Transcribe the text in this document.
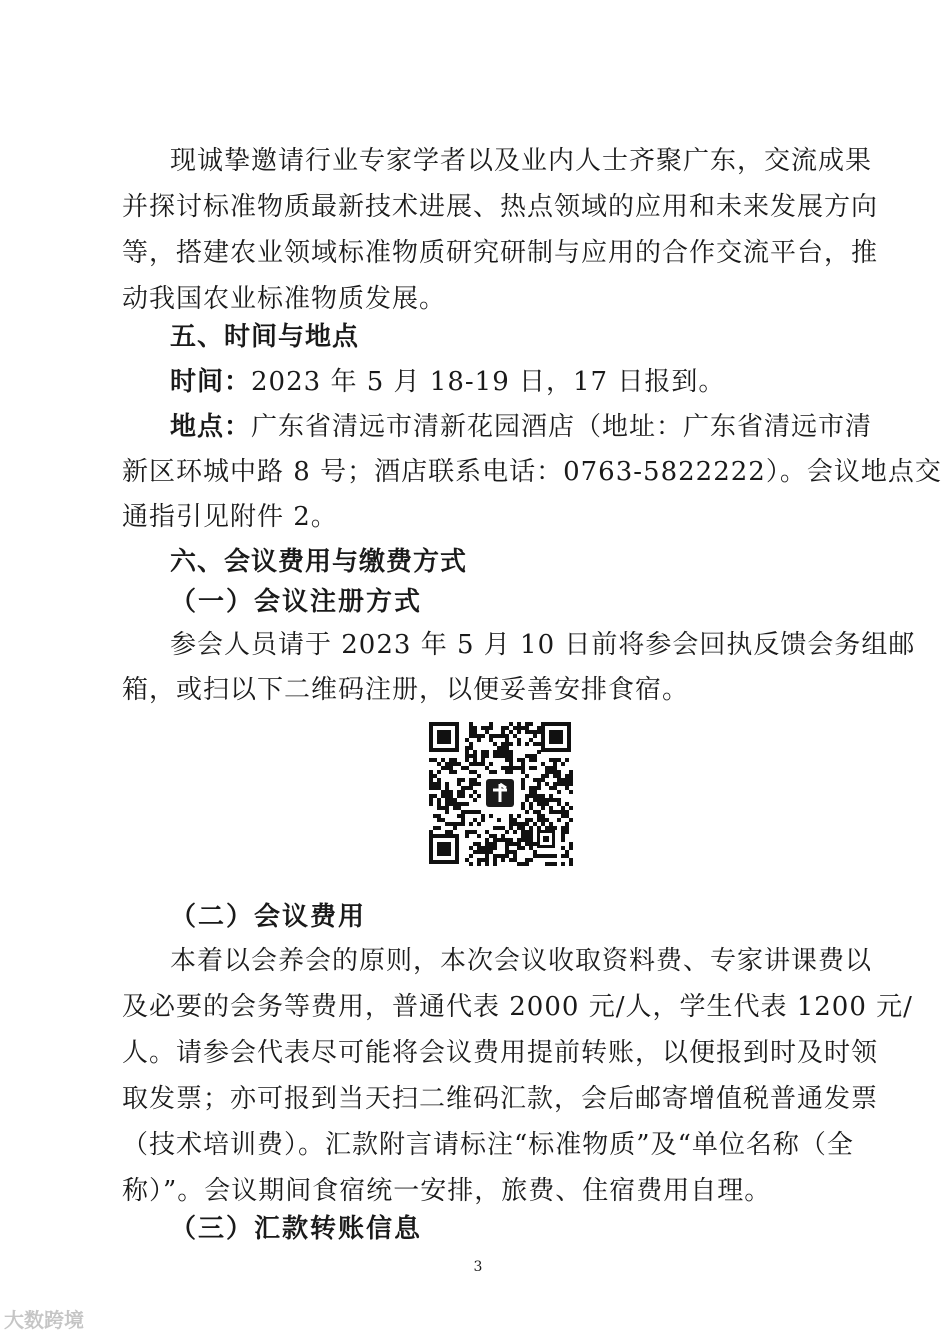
现诚挚邀请行业专家学者以及业内人士齐聚广东，交流成果
并探讨标准物质最新技术进展、热点领域的应用和未来发展方向
等，搭建农业领域标准物质研究研制与应用的合作交流平台，推
动我国农业标准物质发展。
五、时间与地点
时间：2023 年 5 月 18-19 日，17 日报到。
地点：广东省清远市清新花园酒店（地址：广东省清远市清
新区环城中路 8 号；酒店联系电话：0763-5822222）。会议地点交
通指引见附件 2。
六、会议费用与缴费方式
（一）会议注册方式
参会人员请于 2023 年 5 月 10 日前将参会回执反馈会务组邮
箱，或扫以下二维码注册，以便妥善安排食宿。
（二）会议费用
本着以会养会的原则，本次会议收取资料费、专家讲课费以
及必要的会务等费用，普通代表 2000 元/人，学生代表 1200 元/
人。请参会代表尽可能将会议费用提前转账，以便报到时及时领
取发票；亦可报到当天扫二维码汇款，会后邮寄增值税普通发票
（技术培训费）。汇款附言请标注“标准物质”及“单位名称（全
称）”。会议期间食宿统一安排，旅费、住宿费用自理。
（三）汇款转账信息
3
大数跨境
